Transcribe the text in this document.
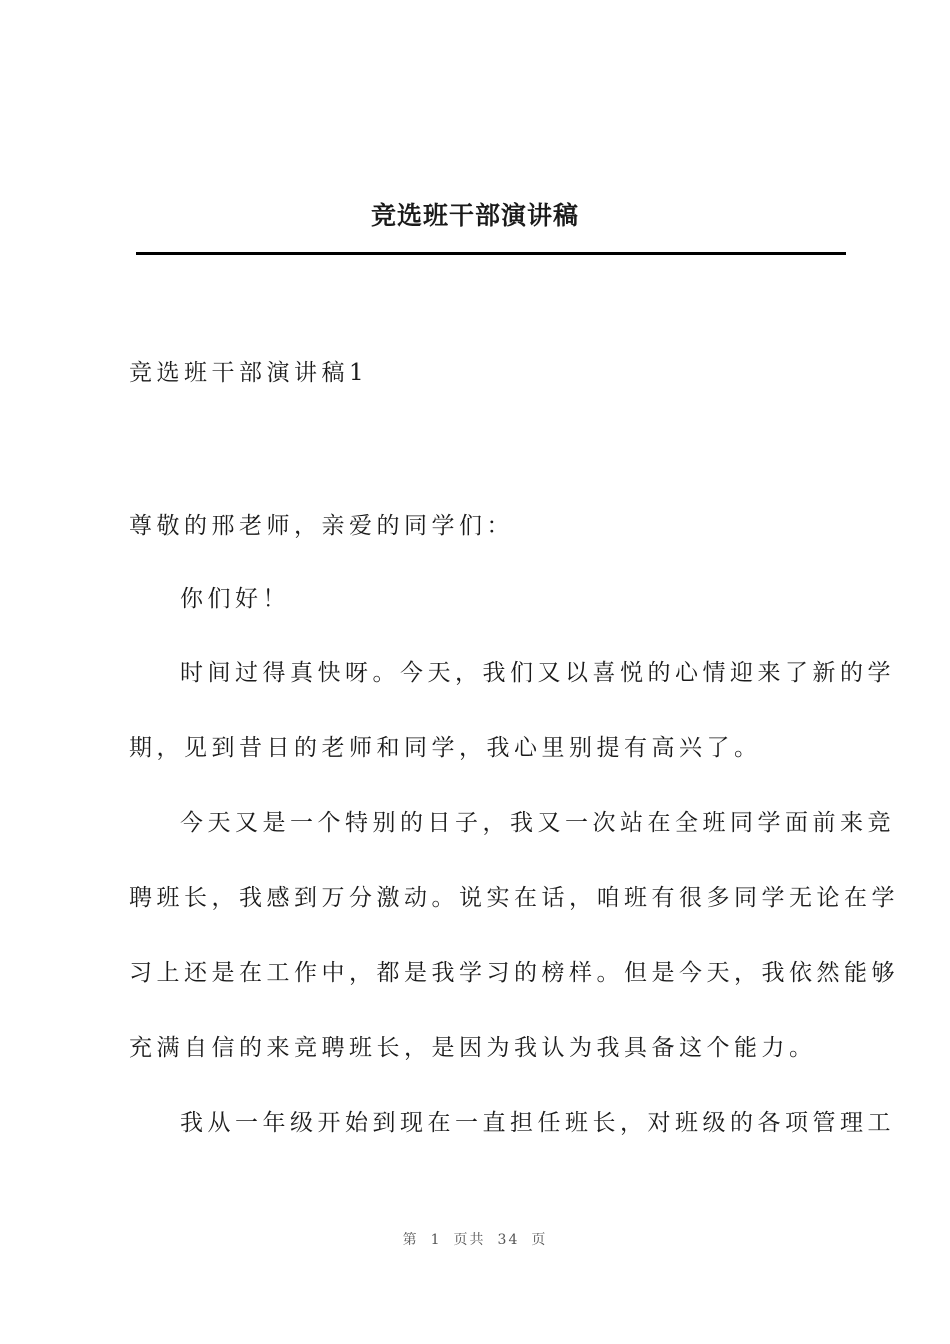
竞选班干部演讲稿
竞选班干部演讲稿1
尊敬的邢老师，亲爱的同学们：
你们好！
时间过得真快呀。今天，我们又以喜悦的心情迎来了新的学
期，见到昔日的老师和同学，我心里别提有高兴了。
今天又是一个特别的日子，我又一次站在全班同学面前来竞
聘班长，我感到万分激动。说实在话，咱班有很多同学无论在学
习上还是在工作中，都是我学习的榜样。但是今天，我依然能够
充满自信的来竞聘班长，是因为我认为我具备这个能力。
我从一年级开始到现在一直担任班长，对班级的各项管理工
第 1 页共 34 页
